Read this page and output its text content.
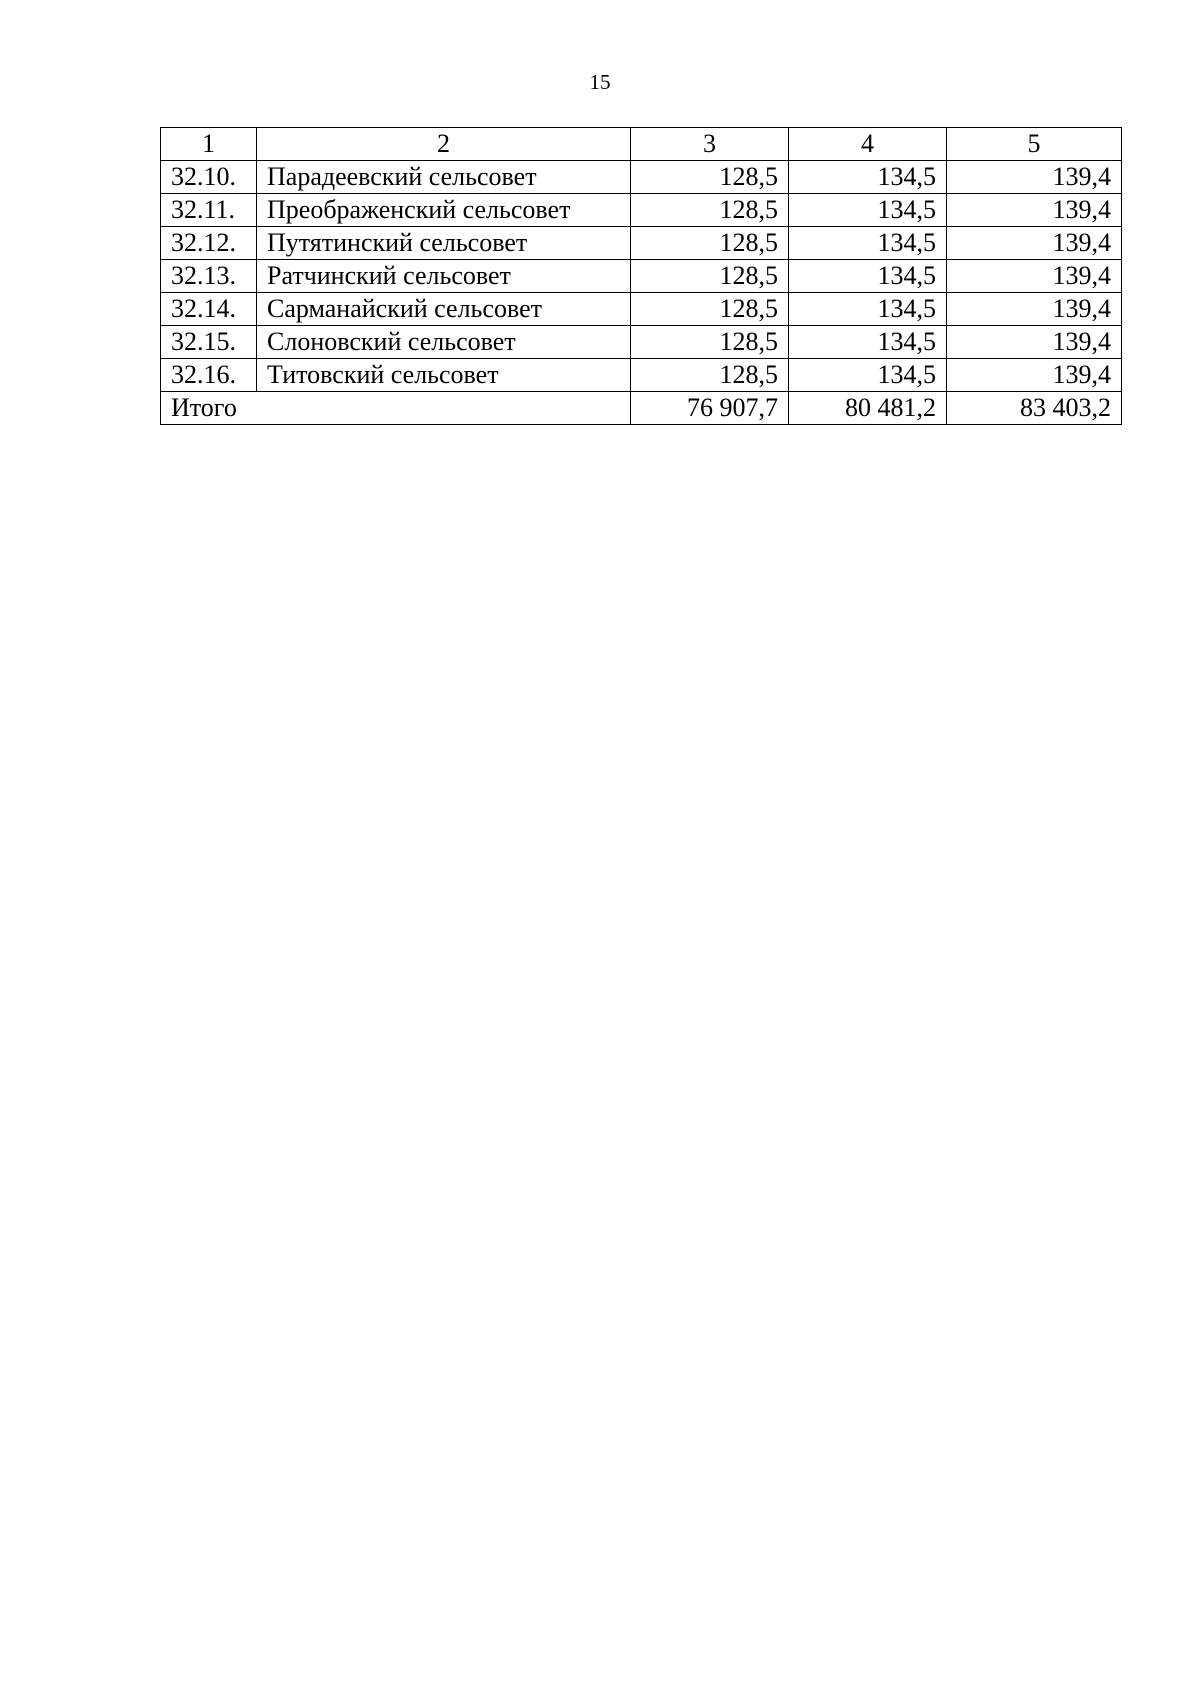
15
1	2	3	4	5
32.10.	Парадеевский сельсовет	128,5	134,5	139,4
32.11.	Преображенский сельсовет	128,5	134,5	139,4
32.12.	Путятинский сельсовет	128,5	134,5	139,4
32.13.	Ратчинский сельсовет	128,5	134,5	139,4
32.14.	Сарманайский сельсовет	128,5	134,5	139,4
32.15.	Слоновский сельсовет	128,5	134,5	139,4
32.16.	Титовский сельсовет	128,5	134,5	139,4
Итого		76 907,7	80 481,2	83 403,2
